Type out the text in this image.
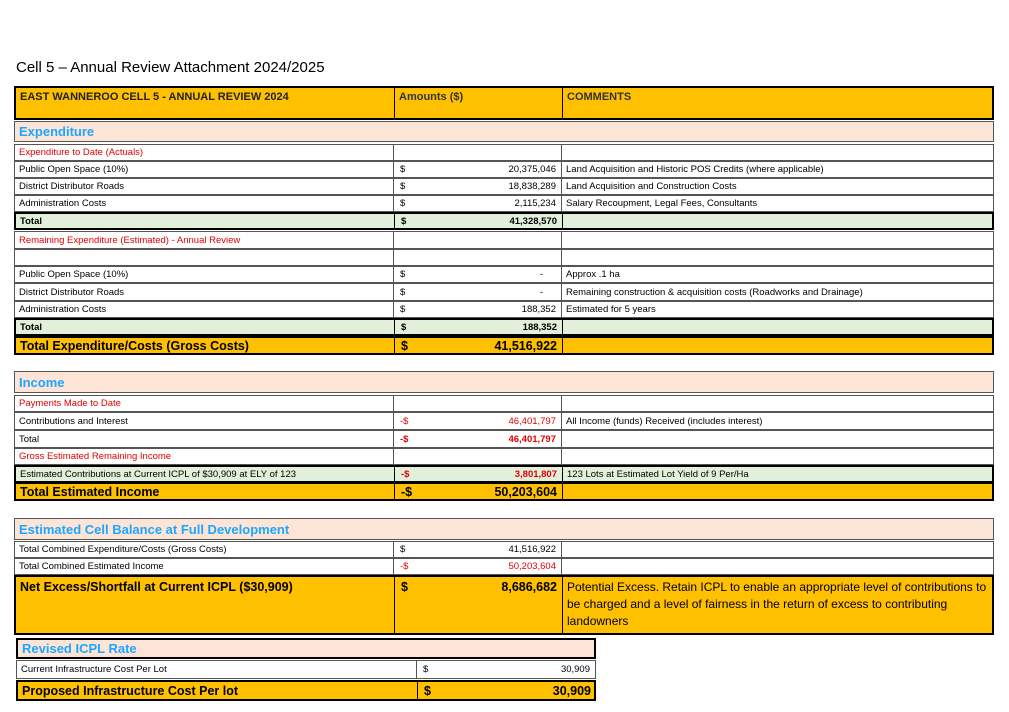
Cell 5 – Annual Review Attachment 2024/2025
EAST WANNEROO CELL 5 - ANNUAL REVIEW 2024	Amounts ($)	COMMENTS
Expenditure
Expenditure to Date (Actuals)
Public Open Space (10%)	$	20,375,046	Land Acquisition and Historic POS Credits (where applicable)
District Distributor Roads	$	18,838,289	Land Acquisition and Construction Costs
Administration Costs	$	2,115,234	Salary Recoupment, Legal Fees, Consultants
Total	$	41,328,570
Remaining Expenditure (Estimated) - Annual Review
Public Open Space (10%)	$	-	Approx .1 ha
District Distributor Roads	$	-	Remaining construction & acquisition costs (Roadworks and Drainage)
Administration Costs	$	188,352	Estimated for 5 years
Total	$	188,352
Total Expenditure/Costs (Gross Costs)	$	41,516,922
Income
Payments Made to Date
Contributions and Interest	-$	46,401,797	All Income (funds) Received (includes interest)
Total	-$	46,401,797
Gross Estimated Remaining Income
Estimated Contributions at Current ICPL of $30,909 at ELY of 123	-$	3,801,807	123 Lots at Estimated Lot Yield of 9 Per/Ha
Total Estimated Income	-$	50,203,604
Estimated Cell Balance at Full Development
Total Combined Expenditure/Costs (Gross Costs)	$	41,516,922
Total Combined Estimated Income	-$	50,203,604
Net Excess/Shortfall at Current ICPL ($30,909)	$	8,686,682 Potential Excess. Retain ICPL to enable an appropriate level of contributions to be charged and a level of fairness in the return of excess to contributing landowners
Revised ICPL Rate
Current Infrastructure Cost Per Lot	$	30,909
Proposed Infrastructure Cost Per lot	$	30,909
